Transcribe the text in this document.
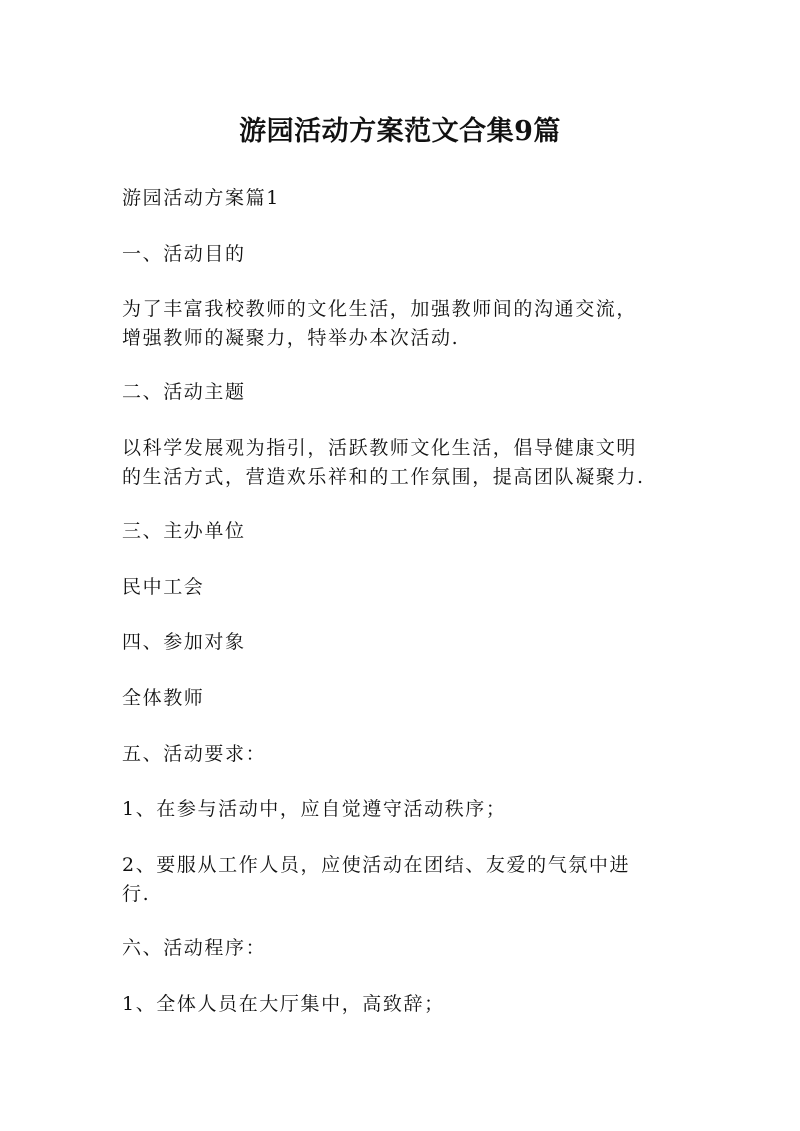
游园活动方案范文合集9篇
游园活动方案篇1
一、活动目的
为了丰富我校教师的文化生活，加强教师间的沟通交流，
增强教师的凝聚力，特举办本次活动.
二、活动主题
以科学发展观为指引，活跃教师文化生活，倡导健康文明
的生活方式，营造欢乐祥和的工作氛围，提高团队凝聚力.
三、主办单位
民中工会
四、参加对象
全体教师
五、活动要求：
1、在参与活动中，应自觉遵守活动秩序；
2、要服从工作人员，应使活动在团结、友爱的气氛中进
行.
六、活动程序：
1、全体人员在大厅集中，高致辞；
